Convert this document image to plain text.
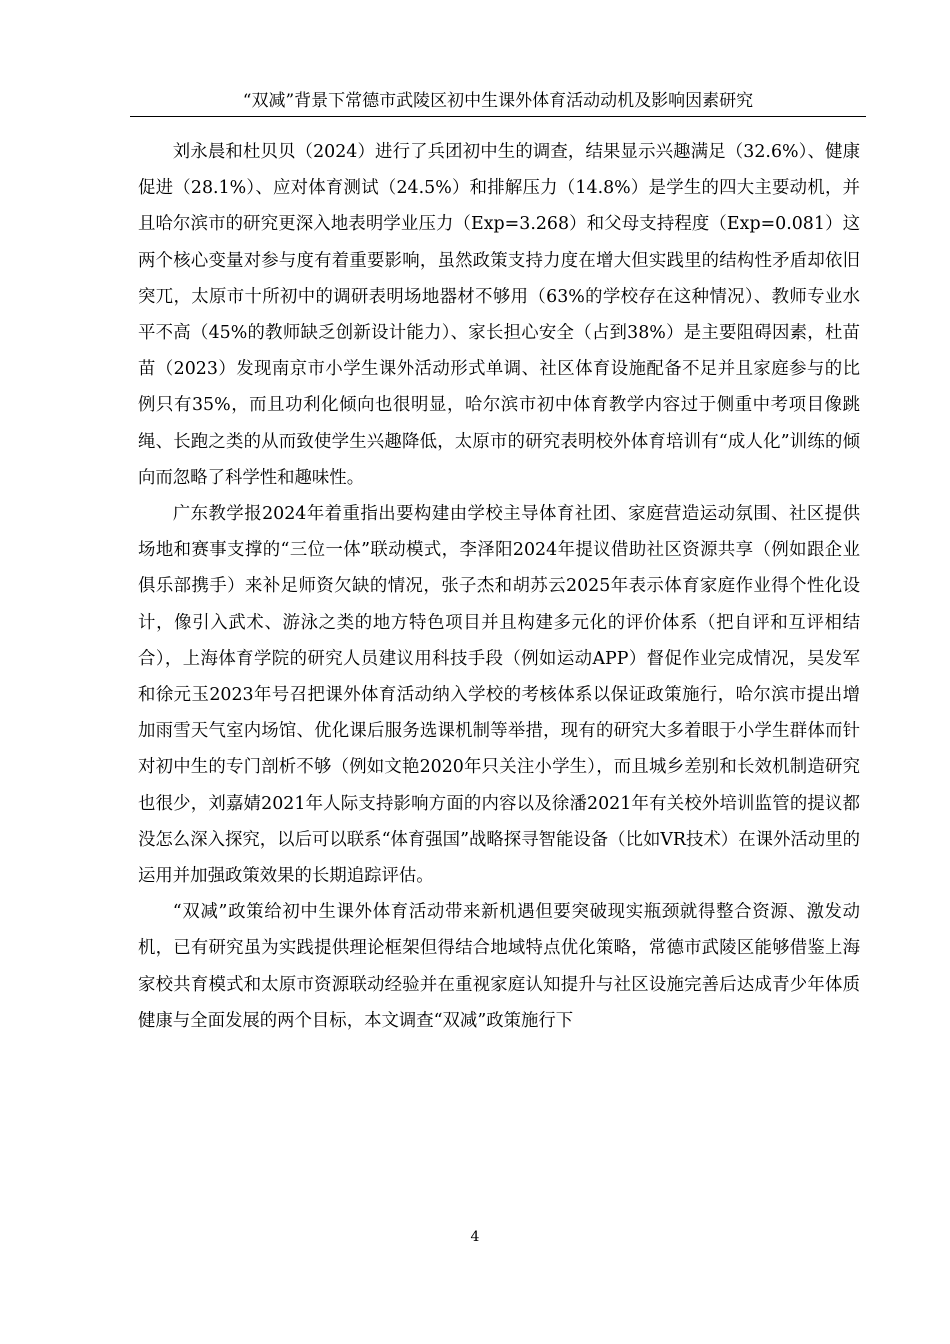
“双减”背景下常德市武陵区初中生课外体育活动动机及影响因素研究

刘永晨和杜贝贝（2024）进行了兵团初中生的调查，结果显示兴趣满足（32.6%）、健康促进（28.1%）、应对体育测试（24.5%）和排解压力（14.8%）是学生的四大主要动机，并且哈尔滨市的研究更深入地表明学业压力（Exp=3.268）和父母支持程度（Exp=0.081）这两个核心变量对参与度有着重要影响，虽然政策支持力度在增大但实践里的结构性矛盾却依旧突兀，太原市十所初中的调研表明场地器材不够用（63%的学校存在这种情况）、教师专业水平不高（45%的教师缺乏创新设计能力）、家长担心安全（占到38%）是主要阻碍因素，杜苗苗（2023）发现南京市小学生课外活动形式单调、社区体育设施配备不足并且家庭参与的比例只有35%，而且功利化倾向也很明显，哈尔滨市初中体育教学内容过于侧重中考项目像跳绳、长跑之类的从而致使学生兴趣降低，太原市的研究表明校外体育培训有“成人化”训练的倾向而忽略了科学性和趣味性。

广东教学报2024年着重指出要构建由学校主导体育社团、家庭营造运动氛围、社区提供场地和赛事支撑的“三位一体”联动模式，李泽阳2024年提议借助社区资源共享（例如跟企业俱乐部携手）来补足师资欠缺的情况，张子杰和胡苏云2025年表示体育家庭作业得个性化设计，像引入武术、游泳之类的地方特色项目并且构建多元化的评价体系（把自评和互评相结合），上海体育学院的研究人员建议用科技手段（例如运动APP）督促作业完成情况，吴发军和徐元玉2023年号召把课外体育活动纳入学校的考核体系以保证政策施行，哈尔滨市提出增加雨雪天气室内场馆、优化课后服务选课机制等举措，现有的研究大多着眼于小学生群体而针对初中生的专门剖析不够（例如文艳2020年只关注小学生），而且城乡差别和长效机制造研究也很少，刘嘉婧2021年人际支持影响方面的内容以及徐潘2021年有关校外培训监管的提议都没怎么深入探究，以后可以联系“体育强国”战略探寻智能设备（比如VR技术）在课外活动里的运用并加强政策效果的长期追踪评估。

“双减”政策给初中生课外体育活动带来新机遇但要突破现实瓶颈就得整合资源、激发动机，已有研究虽为实践提供理论框架但得结合地域特点优化策略，常德市武陵区能够借鉴上海家校共育模式和太原市资源联动经验并在重视家庭认知提升与社区设施完善后达成青少年体质健康与全面发展的两个目标，本文调查“双减”政策施行下

4
